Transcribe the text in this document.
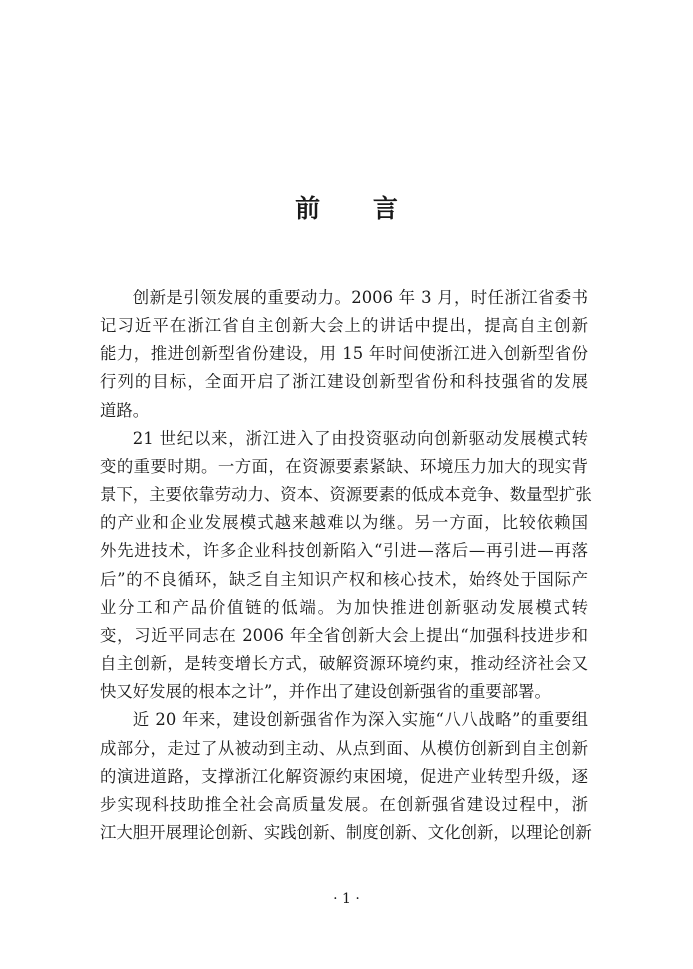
前 言
创新是引领发展的重要动力。2006 年 3 月，时任浙江省委书
记习近平在浙江省自主创新大会上的讲话中提出，提高自主创新
能力，推进创新型省份建设，用 15 年时间使浙江进入创新型省份
行列的目标，全面开启了浙江建设创新型省份和科技强省的发展
道路。
21 世纪以来，浙江进入了由投资驱动向创新驱动发展模式转
变的重要时期。一方面，在资源要素紧缺、环境压力加大的现实背
景下，主要依靠劳动力、资本、资源要素的低成本竞争、数量型扩张
的产业和企业发展模式越来越难以为继。另一方面，比较依赖国
外先进技术，许多企业科技创新陷入“引进—落后—再引进—再落
后”的不良循环，缺乏自主知识产权和核心技术，始终处于国际产
业分工和产品价值链的低端。为加快推进创新驱动发展模式转
变，习近平同志在 2006 年全省创新大会上提出“加强科技进步和
自主创新，是转变增长方式，破解资源环境约束，推动经济社会又
快又好发展的根本之计”，并作出了建设创新强省的重要部署。
近 20 年来，建设创新强省作为深入实施“八八战略”的重要组
成部分，走过了从被动到主动、从点到面、从模仿创新到自主创新
的演进道路，支撑浙江化解资源约束困境，促进产业转型升级，逐
步实现科技助推全社会高质量发展。在创新强省建设过程中，浙
江大胆开展理论创新、实践创新、制度创新、文化创新，以理论创新
· 1 ·
